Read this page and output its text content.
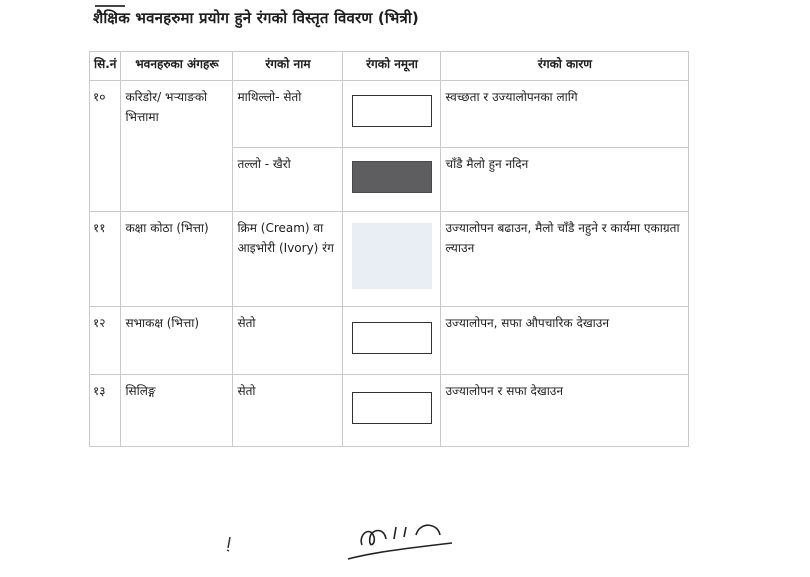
शैक्षिक भवनहरुमा प्रयोग हुने रंगको विस्तृत विवरण (भित्री)
सि.नं	भवनहरुका अंगहरू	रंगको नाम	रंगको नमूना	रंगको कारण
१०	करिडोर/ भऱ्याङको भित्तामा	माथिल्लो- सेतो		स्वच्छता र उज्यालोपनका लागि
		तल्लो - खैरो		चाँडै मैलो हुन नदिन
११	कक्षा कोठा (भित्ता)	क्रिम (Cream) वा आइभोरी (Ivory) रंग		उज्यालोपन बढाउन, मैलो चाँडै नहुने र कार्यमा एकाग्रता ल्याउन
१२	सभाकक्ष (भित्ता)	सेतो		उज्यालोपन, सफा औपचारिक देखाउन
१३	सिलिङ्ग	सेतो		उज्यालोपन र सफा देखाउन
